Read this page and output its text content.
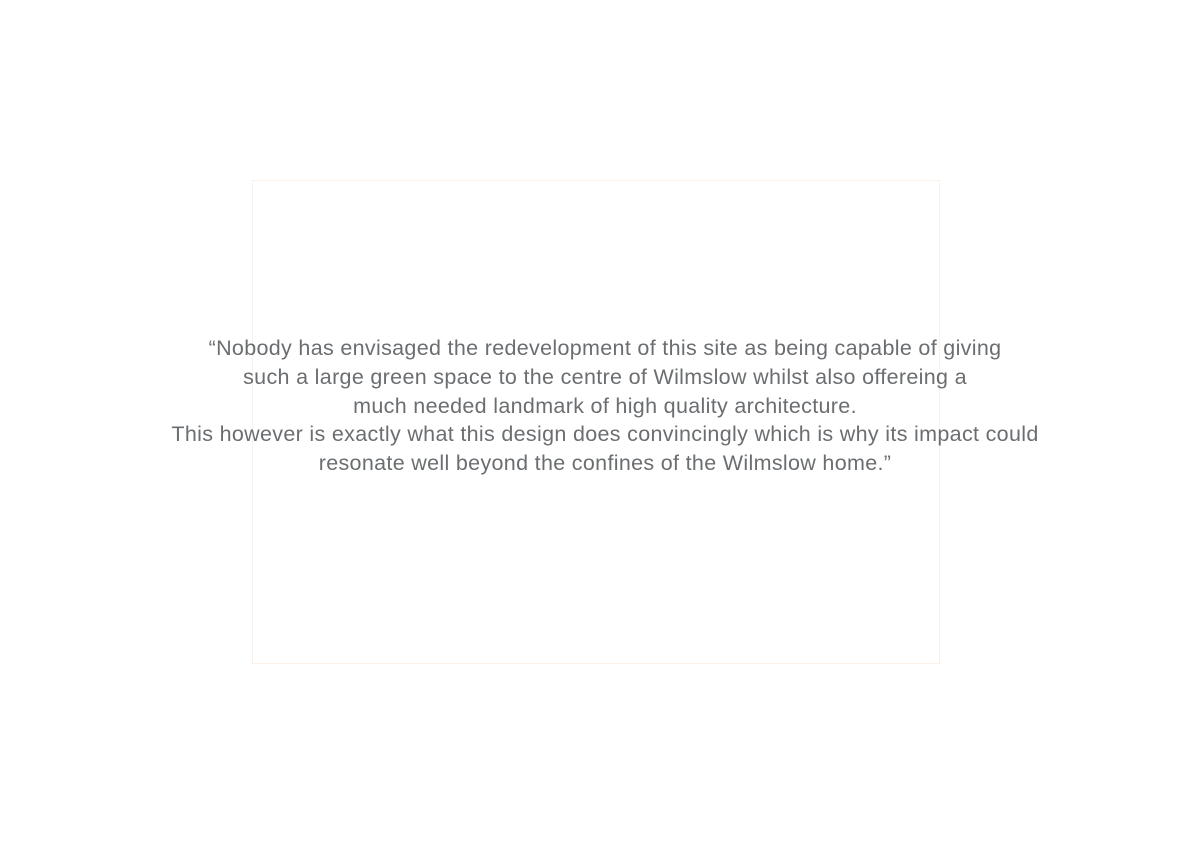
“Nobody has envisaged the redevelopment of this site as being capable of giving
such a large green space to the centre of Wilmslow whilst also offereing a
much needed landmark of high quality architecture.
This however is exactly what this design does convincingly which is why its impact could
resonate well beyond the confines of the Wilmslow home.”
